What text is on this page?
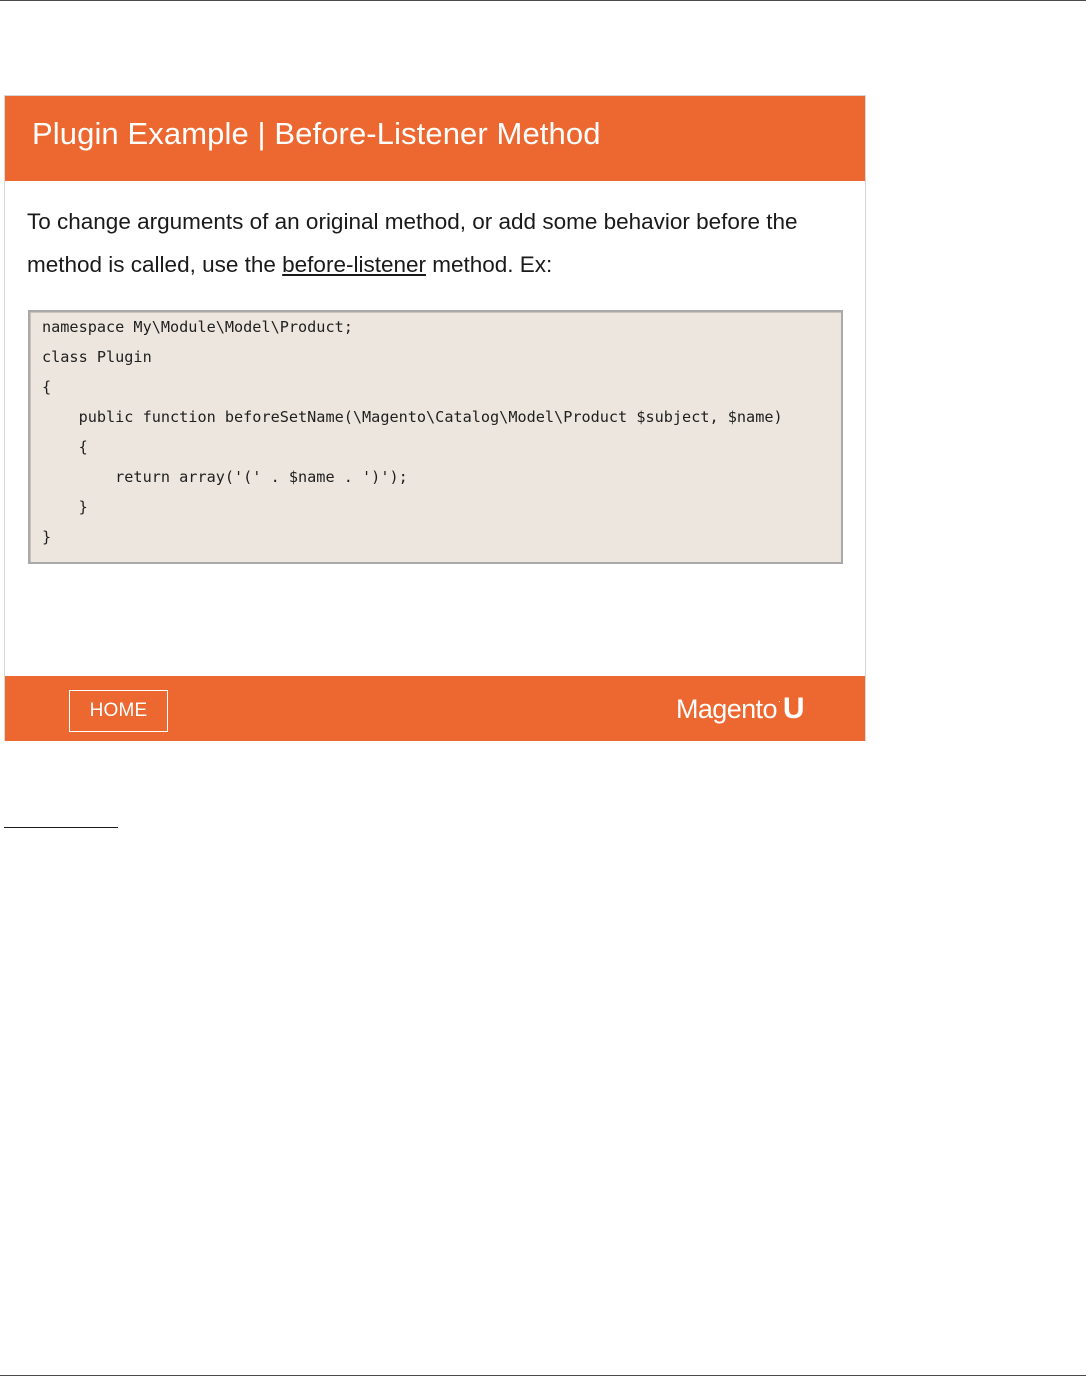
Plugin Example | Before-Listener Method

To change arguments of an original method, or add some behavior before the method is called, use the before-listener method. Ex:

namespace My\Module\Model\Product;
class Plugin
{
public function beforeSetName(\Magento\Catalog\Model\Product $subject, $name)
{
return array('(' . $name . ')');
}
}
HOME	Magento·U
